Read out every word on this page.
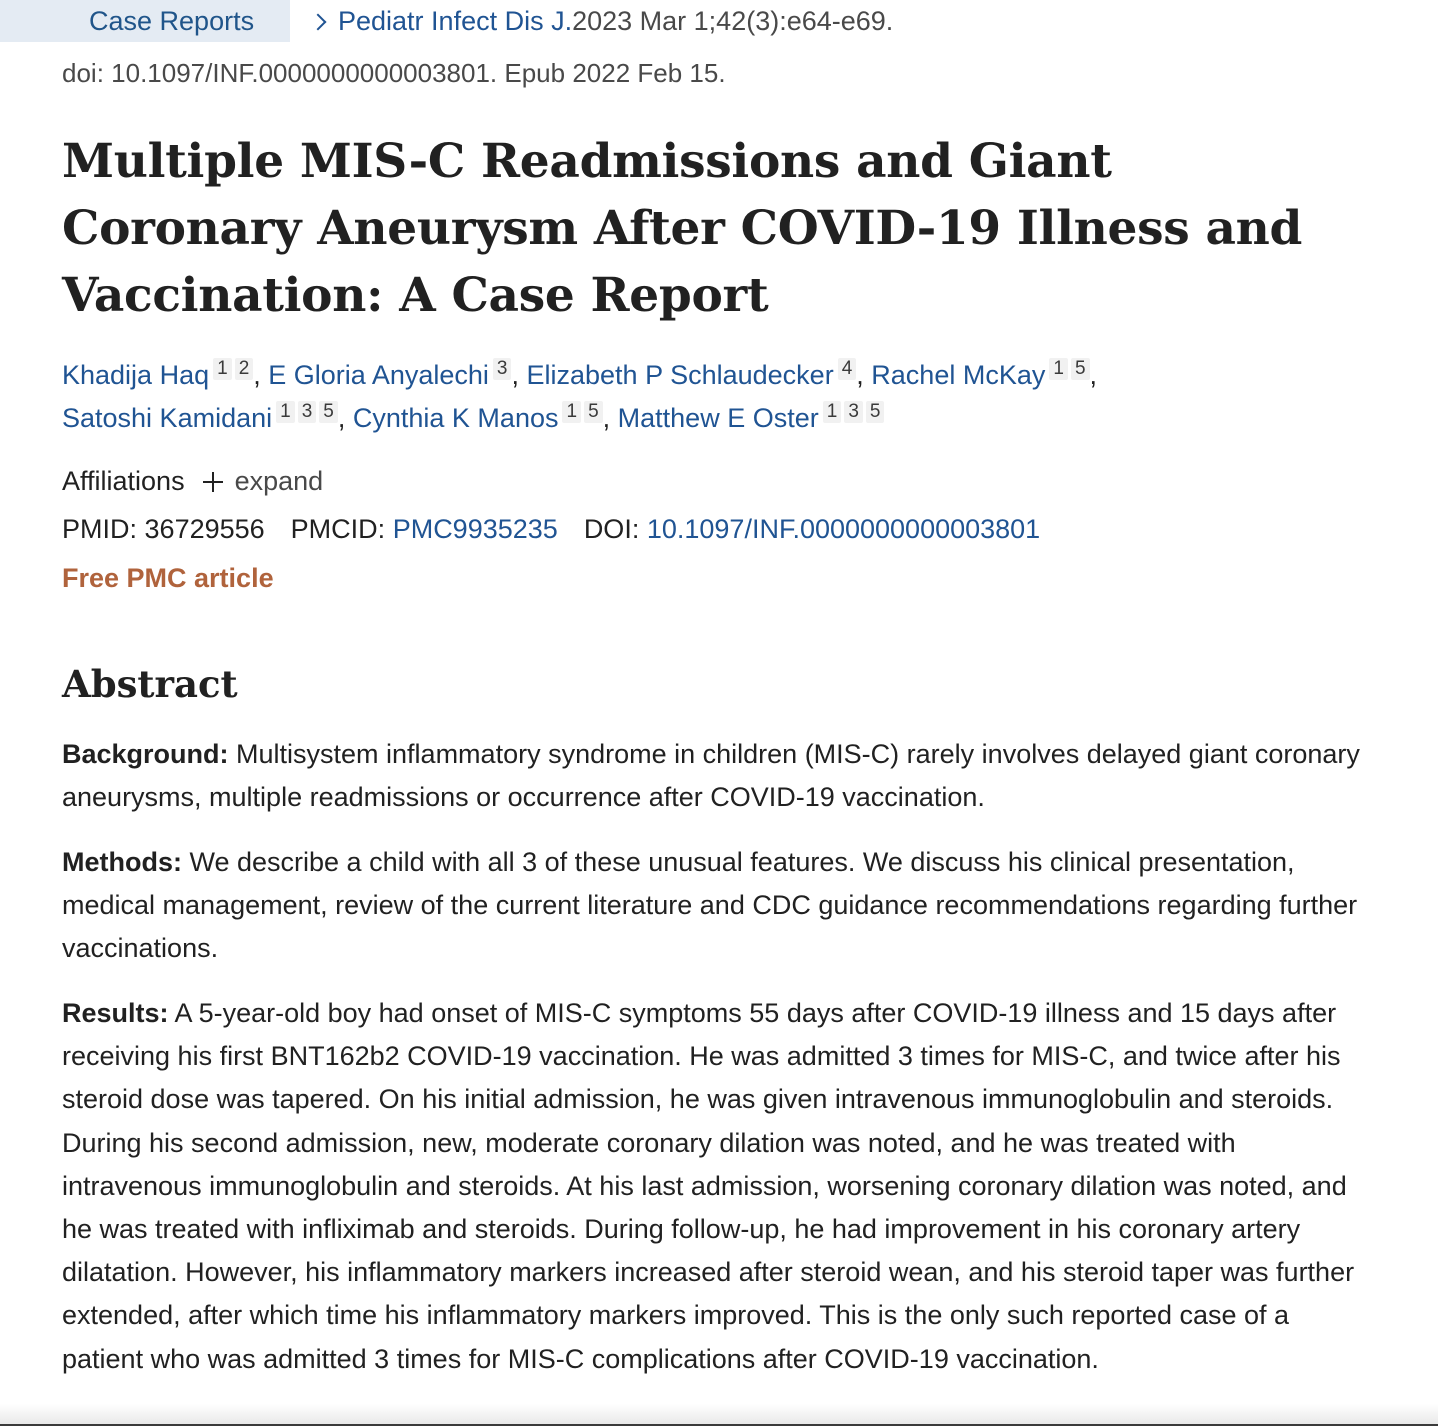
Case Reports	Pediatr Infect Dis J. 2023 Mar 1;42(3):e64-e69.
doi: 10.1097/INF.0000000000003801. Epub 2022 Feb 15.
Multiple MIS-C Readmissions and Giant Coronary Aneurysm After COVID-19 Illness and Vaccination: A Case Report
Khadija Haq 1 2 , E Gloria Anyalechi 3 , Elizabeth P Schlaudecker 4 , Rachel McKay 1 5 ,
Satoshi Kamidani 1 3 5 , Cynthia K Manos 1 5 , Matthew E Oster 1 3 5
Affiliations expand
PMID: 36729556 PMCID: PMC9935235 DOI: 10.1097/INF.0000000000003801
Free PMC article
Abstract

Background: Multisystem inflammatory syndrome in children (MIS-C) rarely involves delayed giant coronary aneurysms, multiple readmissions or occurrence after COVID-19 vaccination.

Methods: We describe a child with all 3 of these unusual features. We discuss his clinical presentation, medical management, review of the current literature and CDC guidance recommendations regarding further vaccinations.

Results: A 5-year-old boy had onset of MIS-C symptoms 55 days after COVID-19 illness and 15 days after receiving his first BNT162b2 COVID-19 vaccination. He was admitted 3 times for MIS-C, and twice after his steroid dose was tapered. On his initial admission, he was given intravenous immunoglobulin and steroids. During his second admission, new, moderate coronary dilation was noted, and he was treated with intravenous immunoglobulin and steroids. At his last admission, worsening coronary dilation was noted, and he was treated with infliximab and steroids. During follow-up, he had improvement in his coronary artery dilatation. However, his inflammatory markers increased after steroid wean, and his steroid taper was further extended, after which time his inflammatory markers improved. This is the only such reported case of a patient who was admitted 3 times for MIS-C complications after COVID-19 vaccination.
